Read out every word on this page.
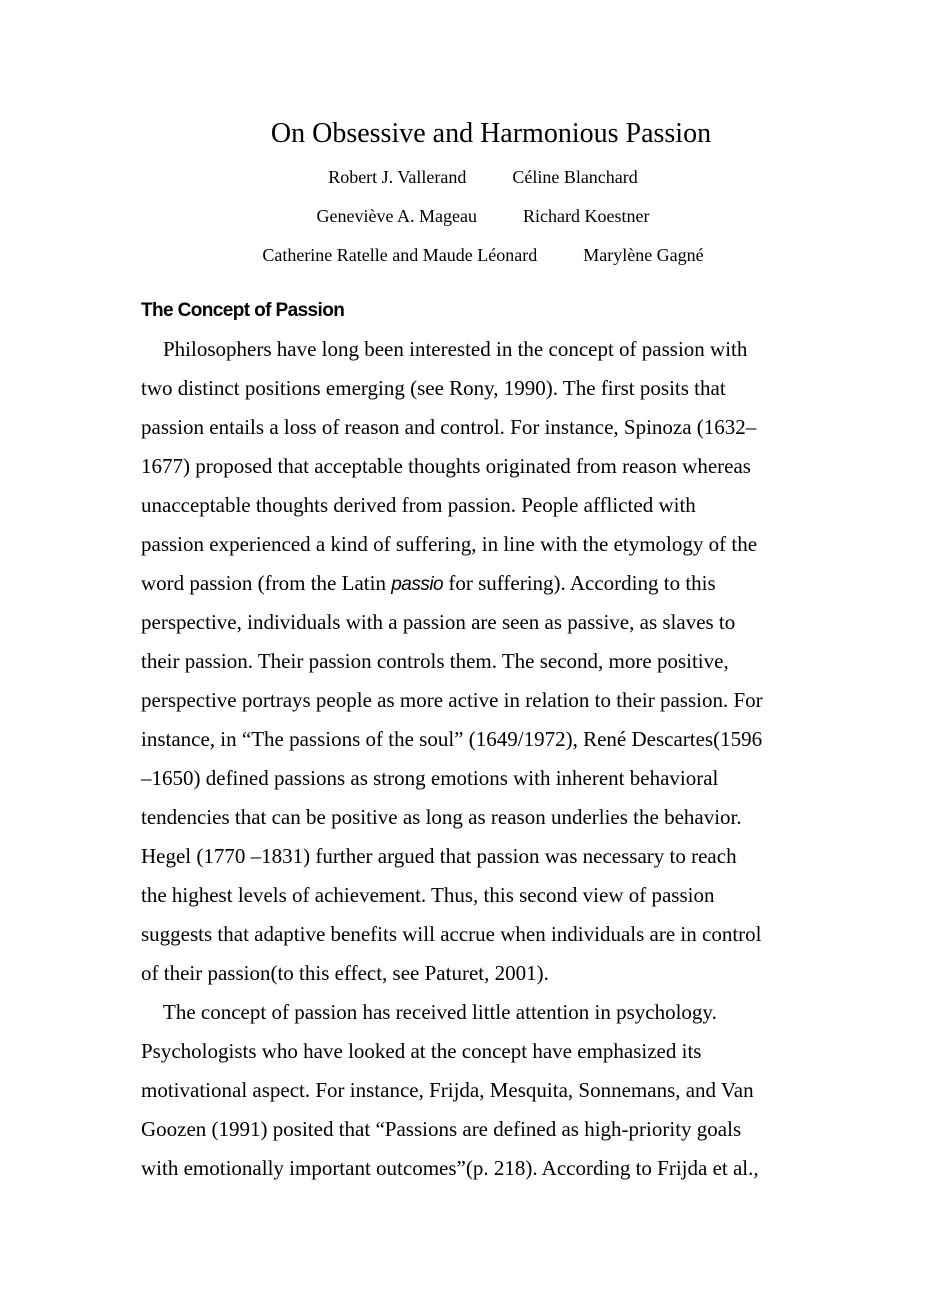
On Obsessive and Harmonious Passion
Robert J. Vallerand	Céline Blanchard
Geneviève A. Mageau	Richard Koestner
Catherine Ratelle and Maude Léonard	Marylène Gagné
The Concept of Passion
Philosophers have long been interested in the concept of passion with
two distinct positions emerging (see Rony, 1990). The first posits that
passion entails a loss of reason and control. For instance, Spinoza (1632–
1677) proposed that acceptable thoughts originated from reason whereas
unacceptable thoughts derived from passion. People afflicted with
passion experienced a kind of suffering, in line with the etymology of the
word passion (from the Latin passio for suffering). According to this
perspective, individuals with a passion are seen as passive, as slaves to
their passion. Their passion controls them. The second, more positive,
perspective portrays people as more active in relation to their passion. For
instance, in “The passions of the soul” (1649/1972), René Descartes(1596
–1650) defined passions as strong emotions with inherent behavioral
tendencies that can be positive as long as reason underlies the behavior.
Hegel (1770 –1831) further argued that passion was necessary to reach
the highest levels of achievement. Thus, this second view of passion
suggests that adaptive benefits will accrue when individuals are in control
of their passion(to this effect, see Paturet, 2001).
The concept of passion has received little attention in psychology.
Psychologists who have looked at the concept have emphasized its
motivational aspect. For instance, Frijda, Mesquita, Sonnemans, and Van
Goozen (1991) posited that “Passions are defined as high-priority goals
with emotionally important outcomes”(p. 218). According to Frijda et al.,
